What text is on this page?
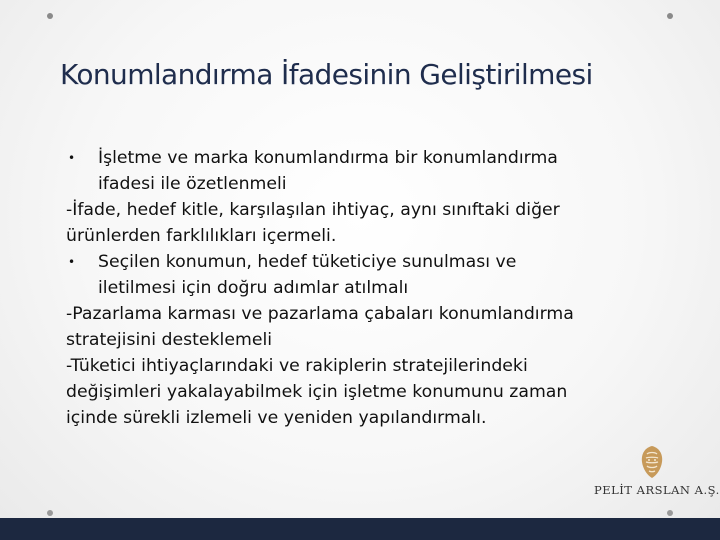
Konumlandırma İfadesinin Geliştirilmesi
•	İşletme ve marka konumlandırma bir konumlandırma
ifadesi ile özetlenmeli
-İfade, hedef kitle, karşılaşılan ihtiyaç, aynı sınıftaki diğer
ürünlerden farklılıkları içermeli.
•	Seçilen konumun, hedef tüketiciye sunulması ve
iletilmesi için doğru adımlar atılmalı
-Pazarlama karması ve pazarlama çabaları konumlandırma
stratejisini desteklemeli
-Tüketici ihtiyaçlarındaki ve rakiplerin stratejilerindeki
değişimleri yakalayabilmek için işletme konumunu zaman
içinde sürekli izlemeli ve yeniden yapılandırmalı.
PELİT ARSLAN A.Ş.
